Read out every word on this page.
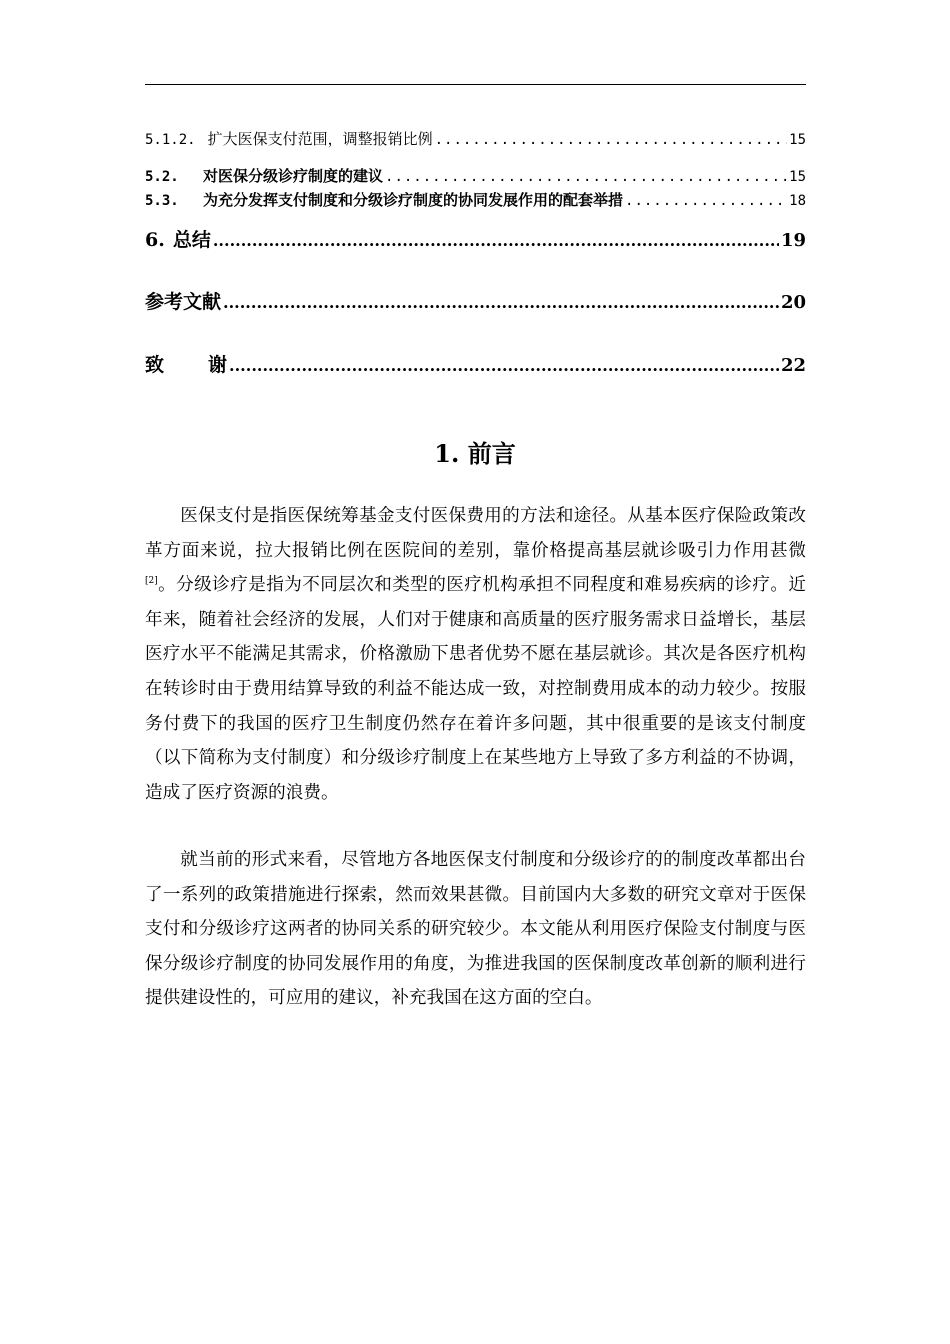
5.1.2. 扩大医保支付范围，调整报销比例 .....	15
5.2.	对医保分级诊疗制度的建议 .....	15
5.3.	为充分发挥支付制度和分级诊疗制度的协同发展作用的配套举措 .....	18
6. 总结 .....	19
参考文献 .....	20
致 谢 .....	22
1. 前言

医保支付是指医保统筹基金支付医保费用的方法和途径。从基本医疗保险政策改革方面来说，拉大报销比例在医院间的差别，靠价格提高基层就诊吸引力作用甚微[2]。分级诊疗是指为不同层次和类型的医疗机构承担不同程度和难易疾病的诊疗。近年来，随着社会经济的发展，人们对于健康和高质量的医疗服务需求日益增长，基层医疗水平不能满足其需求，价格激励下患者优势不愿在基层就诊。其次是各医疗机构在转诊时由于费用结算导致的利益不能达成一致，对控制费用成本的动力较少。按服务付费下的我国的医疗卫生制度仍然存在着许多问题，其中很重要的是该支付制度（以下简称为支付制度）和分级诊疗制度上在某些地方上导致了多方利益的不协调，造成了医疗资源的浪费。

就当前的形式来看，尽管地方各地医保支付制度和分级诊疗的的制度改革都出台了一系列的政策措施进行探索，然而效果甚微。目前国内大多数的研究文章对于医保支付和分级诊疗这两者的协同关系的研究较少。本文能从利用医疗保险支付制度与医保分级诊疗制度的协同发展作用的角度，为推进我国的医保制度改革创新的顺利进行提供建设性的，可应用的建议，补充我国在这方面的空白。
